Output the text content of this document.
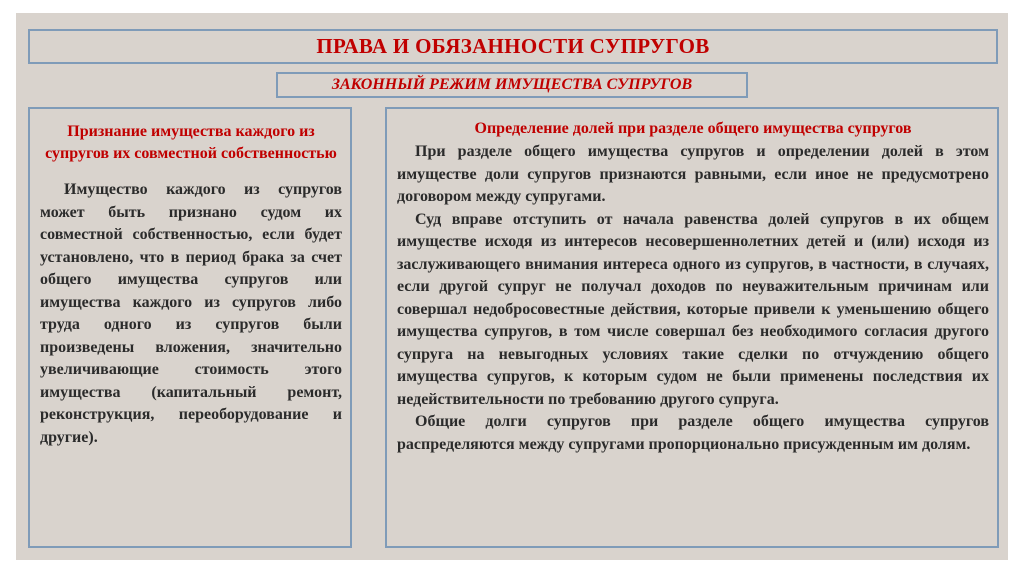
ПРАВА И ОБЯЗАННОСТИ СУПРУГОВ
ЗАКОННЫЙ РЕЖИМ ИМУЩЕСТВА СУПРУГОВ

Признание имущества каждого из супругов их совместной собственностью

Имущество каждого из супругов может быть признано судом их совместной собственностью, если будет установлено, что в период брака за счет общего имущества супругов или имущества каждого из супругов либо труда одного из супругов были произведены вложения, значительно увеличивающие стоимость этого имущества (капитальный ремонт, реконструкция, переоборудование и другие).

Определение долей при разделе общего имущества супругов

При разделе общего имущества супругов и определении долей в этом имуществе доли супругов признаются равными, если иное не предусмотрено договором между супругами.

Суд вправе отступить от начала равенства долей супругов в их общем имуществе исходя из интересов несовершеннолетних детей и (или) исходя из заслуживающего внимания интереса одного из супругов, в частности, в случаях, если другой супруг не получал доходов по неуважительным причинам или совершал недобросовестные действия, которые привели к уменьшению общего имущества супругов, в том числе совершал без необходимого согласия другого супруга на невыгодных условиях такие сделки по отчуждению общего имущества супругов, к которым судом не были применены последствия их недействительности по требованию другого супруга.

Общие долги супругов при разделе общего имущества супругов распределяются между супругами пропорционально присужденным им долям.
